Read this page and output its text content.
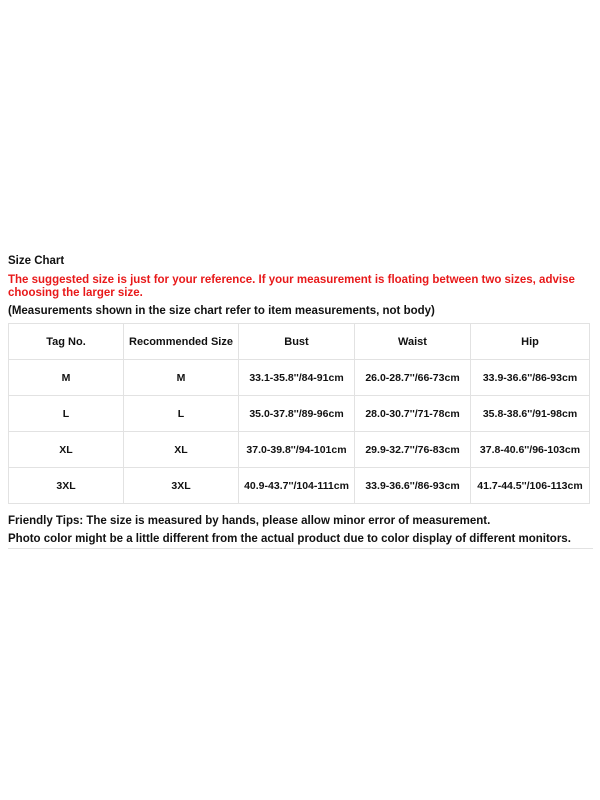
Size Chart
The suggested size is just for your reference. If your measurement is floating between two sizes, advise choosing the larger size.
(Measurements shown in the size chart refer to item measurements, not body)
Tag No.	Recommended Size	Bust	Waist	Hip
M	M	33.1-35.8''/84-91cm	26.0-28.7''/66-73cm	33.9-36.6''/86-93cm
L	L	35.0-37.8''/89-96cm	28.0-30.7''/71-78cm	35.8-38.6''/91-98cm
XL	XL	37.0-39.8''/94-101cm	29.9-32.7''/76-83cm	37.8-40.6''/96-103cm
3XL	3XL	40.9-43.7''/104-111cm	33.9-36.6''/86-93cm	41.7-44.5''/106-113cm
Friendly Tips: The size is measured by hands, please allow minor error of measurement.
Photo color might be a little different from the actual product due to color display of different monitors.
